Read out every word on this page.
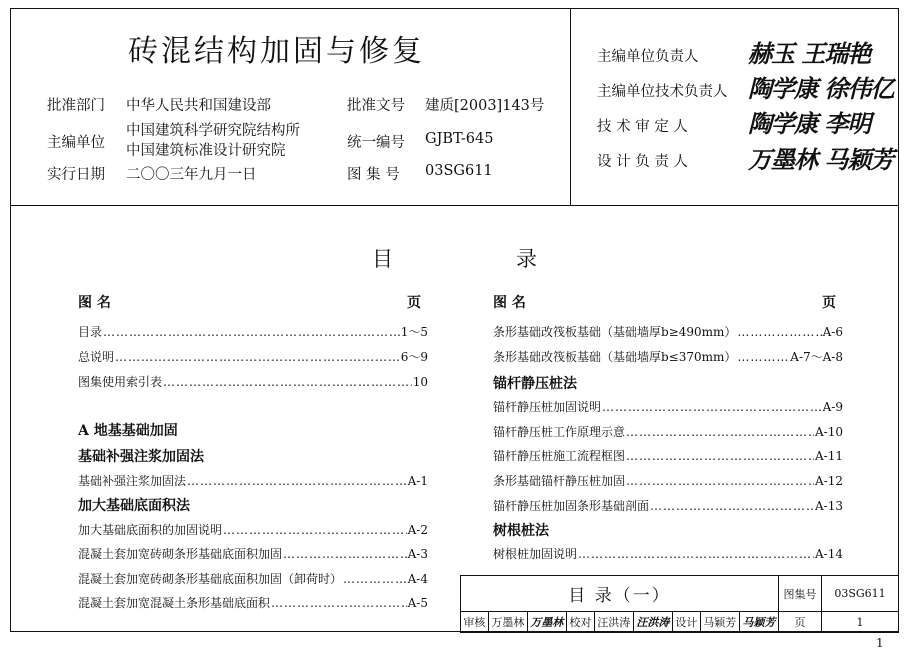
砖混结构加固与修复
批准部门 中华人民共和国建设部	批准文号 建质[2003]143号
主编单位
中国建筑科学研究院结构所
中国建筑标准设计研究院	统一编号 GJBT-645
实行日期 二〇〇三年九月一日	图 集 号 03SG611
主编单位负责人 赫玉 王瑞艳
主编单位技术负责人 陶学康 徐伟亿
技 术 审 定 人	陶学康 李明
设 计 负 责 人	万墨林 马颖芳
目	录
图 名	页	图 名	页
目录 ………………………………………………………………………………………………………………	1～5
总说明 ………………………………………………………………………………………………………………	6～9
图集使用索引表 ………………………………………………………………………………………………………………	10
A 地基基础加固
基础补强注浆加固法
基础补强注浆加固法 ………………………………………………………………………………………………………………	A-1
加大基础底面积法
加大基础底面积的加固说明 ………………………………………………………………………………………………………………	A-2
混凝土套加宽砖砌条形基础底面积加固 ………………………………………………………………………………………………………………	A-3
混凝土套加宽砖砌条形基础底面积加固（卸荷时） ………………………………………………………………………………………………………………	A-4
混凝土套加宽混凝土条形基础底面积 ………………………………………………………………………………………………………………	A-5
条形基础改筏板基础（基础墙厚b≥490mm） ………………………………………………………………………………………………………………	A-6
条形基础改筏板基础（基础墙厚b≤370mm） ………………………………………………………………………………………………………………	A-7～A-8
锚杆静压桩法
锚杆静压桩加固说明 ………………………………………………………………………………………………………………	A-9
锚杆静压桩工作原理示意 ………………………………………………………………………………………………………………	A-10
锚杆静压桩施工流程框图 ………………………………………………………………………………………………………………	A-11
条形基础锚杆静压桩加固 ………………………………………………………………………………………………………………	A-12
锚杆静压桩加固条形基础剖面 ………………………………………………………………………………………………………………	A-13
树根桩法
树根桩加固说明 ………………………………………………………………………………………………………………	A-14
目 录（一）									图集号	03SG611
审核	万墨林	万墨林	校对	汪洪涛	汪洪涛	设计	马颖芳	马颖芳	页	1
1
